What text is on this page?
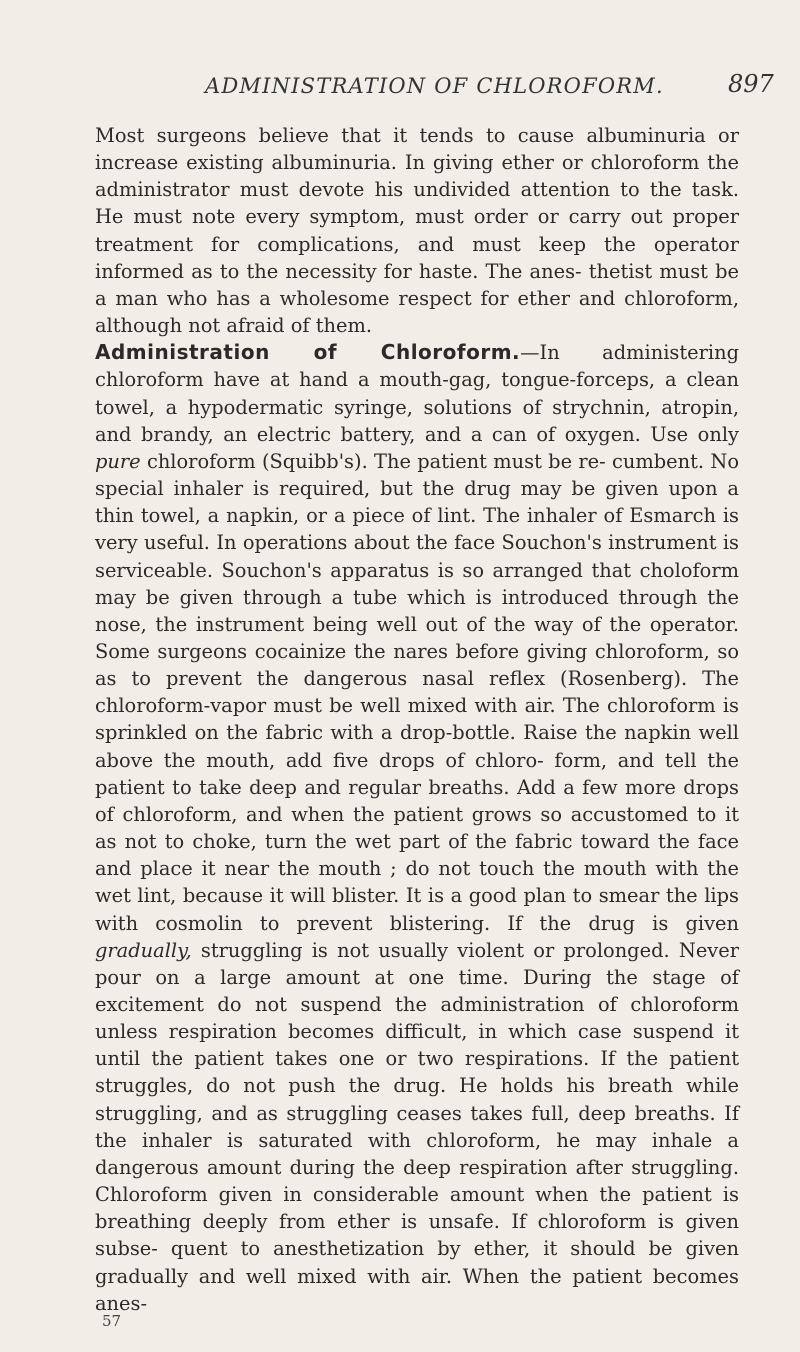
ADMINISTRATION OF CHLOROFORM.	897

Most surgeons believe that it tends to cause albuminuria or increase existing albuminuria. In giving ether or chloroform the administrator must devote his undivided attention to the task. He must note every symptom, must order or carry out proper treatment for complications, and must keep the operator informed as to the necessity for haste. The anes- thetist must be a man who has a wholesome respect for ether and chloroform, although not afraid of them.

Administration of Chloroform.—In administering chloroform have at hand a mouth-gag, tongue-forceps, a clean towel, a hypodermatic syringe, solutions of strychnin, atropin, and brandy, an electric battery, and a can of oxygen. Use only pure chloroform (Squibb's). The patient must be re- cumbent. No special inhaler is required, but the drug may be given upon a thin towel, a napkin, or a piece of lint. The inhaler of Esmarch is very useful. In operations about the face Souchon's instrument is serviceable. Souchon's apparatus is so arranged that choloform may be given through a tube which is introduced through the nose, the instrument being well out of the way of the operator. Some surgeons cocainize the nares before giving chloroform, so as to prevent the dangerous nasal reflex (Rosenberg). The chloroform-vapor must be well mixed with air. The chloroform is sprinkled on the fabric with a drop-bottle. Raise the napkin well above the mouth, add five drops of chloro- form, and tell the patient to take deep and regular breaths. Add a few more drops of chloroform, and when the patient grows so accustomed to it as not to choke, turn the wet part of the fabric toward the face and place it near the mouth ; do not touch the mouth with the wet lint, because it will blister. It is a good plan to smear the lips with cosmolin to prevent blistering. If the drug is given gradually, struggling is not usually violent or prolonged. Never pour on a large amount at one time. During the stage of excitement do not suspend the administration of chloroform unless respiration becomes difficult, in which case suspend it until the patient takes one or two respirations. If the patient struggles, do not push the drug. He holds his breath while struggling, and as struggling ceases takes full, deep breaths. If the inhaler is saturated with chloroform, he may inhale a dangerous amount during the deep respiration after struggling. Chloroform given in considerable amount when the patient is breathing deeply from ether is unsafe. If chloroform is given subse- quent to anesthetization by ether, it should be given gradually and well mixed with air. When the patient becomes anes-

57
